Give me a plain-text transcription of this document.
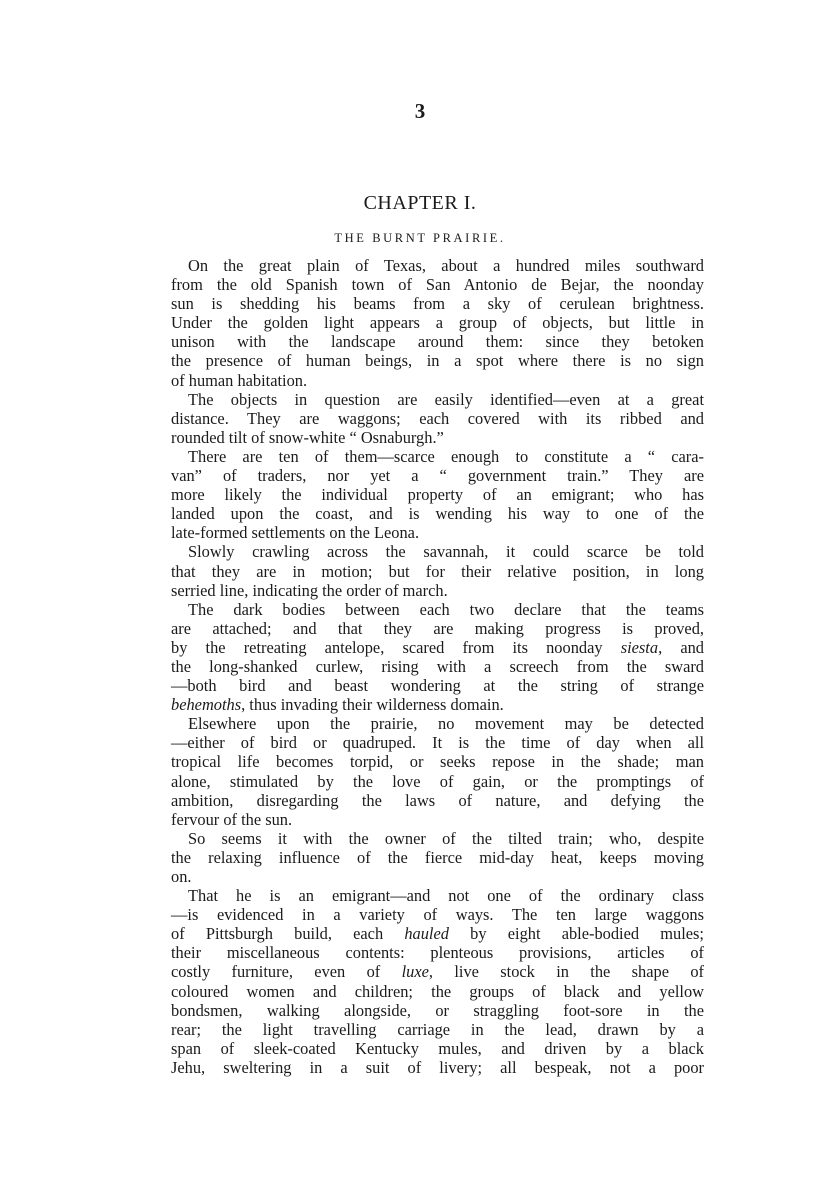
3
CHAPTER I.
THE BURNT PRAIRIE.
On the great plain of Texas, about a hundred miles southward
from the old Spanish town of San Antonio de Bejar, the noonday
sun is shedding his beams from a sky of cerulean brightness.
Under the golden light appears a group of objects, but little in
unison with the landscape around them: since they betoken
the presence of human beings, in a spot where there is no sign
of human habitation.
The objects in question are easily identified—even at a great
distance. They are waggons; each covered with its ribbed and
rounded tilt of snow-white “ Osnaburgh.”
There are ten of them—scarce enough to constitute a “ cara-
van” of traders, nor yet a “ government train.” They are
more likely the individual property of an emigrant; who has
landed upon the coast, and is wending his way to one of the
late-formed settlements on the Leona.
Slowly crawling across the savannah, it could scarce be told
that they are in motion; but for their relative position, in long
serried line, indicating the order of march.
The dark bodies between each two declare that the teams
are attached; and that they are making progress is proved,
by the retreating antelope, scared from its noonday siesta, and
the long-shanked curlew, rising with a screech from the sward
—both bird and beast wondering at the string of strange
behemoths, thus invading their wilderness domain.
Elsewhere upon the prairie, no movement may be detected
—either of bird or quadruped. It is the time of day when all
tropical life becomes torpid, or seeks repose in the shade; man
alone, stimulated by the love of gain, or the promptings of
ambition, disregarding the laws of nature, and defying the
fervour of the sun.
So seems it with the owner of the tilted train; who, despite
the relaxing influence of the fierce mid-day heat, keeps moving
on.
That he is an emigrant—and not one of the ordinary class
—is evidenced in a variety of ways. The ten large waggons
of Pittsburgh build, each hauled by eight able-bodied mules;
their miscellaneous contents: plenteous provisions, articles of
costly furniture, even of luxe, live stock in the shape of
coloured women and children; the groups of black and yellow
bondsmen, walking alongside, or straggling foot-sore in the
rear; the light travelling carriage in the lead, drawn by a
span of sleek-coated Kentucky mules, and driven by a black
Jehu, sweltering in a suit of livery; all bespeak, not a poor
